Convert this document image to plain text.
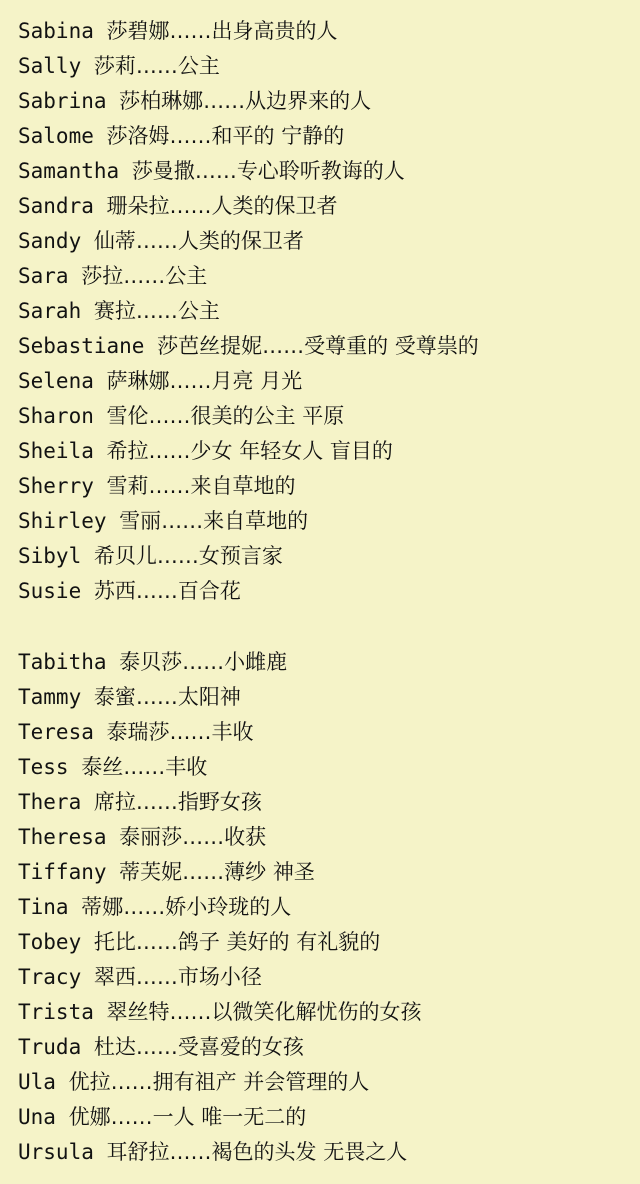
Sabina 莎碧娜……出身高贵的人
Sally 莎莉……公主
Sabrina 莎柏琳娜……从边界来的人
Salome 莎洛姆……和平的 宁静的
Samantha 莎曼撒……专心聆听教诲的人
Sandra 珊朵拉……人类的保卫者
Sandy 仙蒂……人类的保卫者
Sara 莎拉……公主
Sarah 赛拉……公主
Sebastiane 莎芭丝提妮……受尊重的 受尊祟的
Selena 萨琳娜……月亮 月光
Sharon 雪伦……很美的公主 平原
Sheila 希拉……少女 年轻女人 盲目的
Sherry 雪莉……来自草地的
Shirley 雪丽……来自草地的
Sibyl 希贝儿……女预言家
Susie 苏西……百合花
Tabitha 泰贝莎……小雌鹿
Tammy 泰蜜……太阳神
Teresa 泰瑞莎……丰收
Tess 泰丝……丰收
Thera 席拉……指野女孩
Theresa 泰丽莎……收获
Tiffany 蒂芙妮……薄纱 神圣
Tina 蒂娜……娇小玲珑的人
Tobey 托比……鸽子 美好的 有礼貌的
Tracy 翠西……市场小径
Trista 翠丝特……以微笑化解忧伤的女孩
Truda 杜达……受喜爱的女孩
Ula 优拉……拥有祖产 并会管理的人
Una 优娜……一人 唯一无二的
Ursula 耳舒拉……褐色的头发 无畏之人
